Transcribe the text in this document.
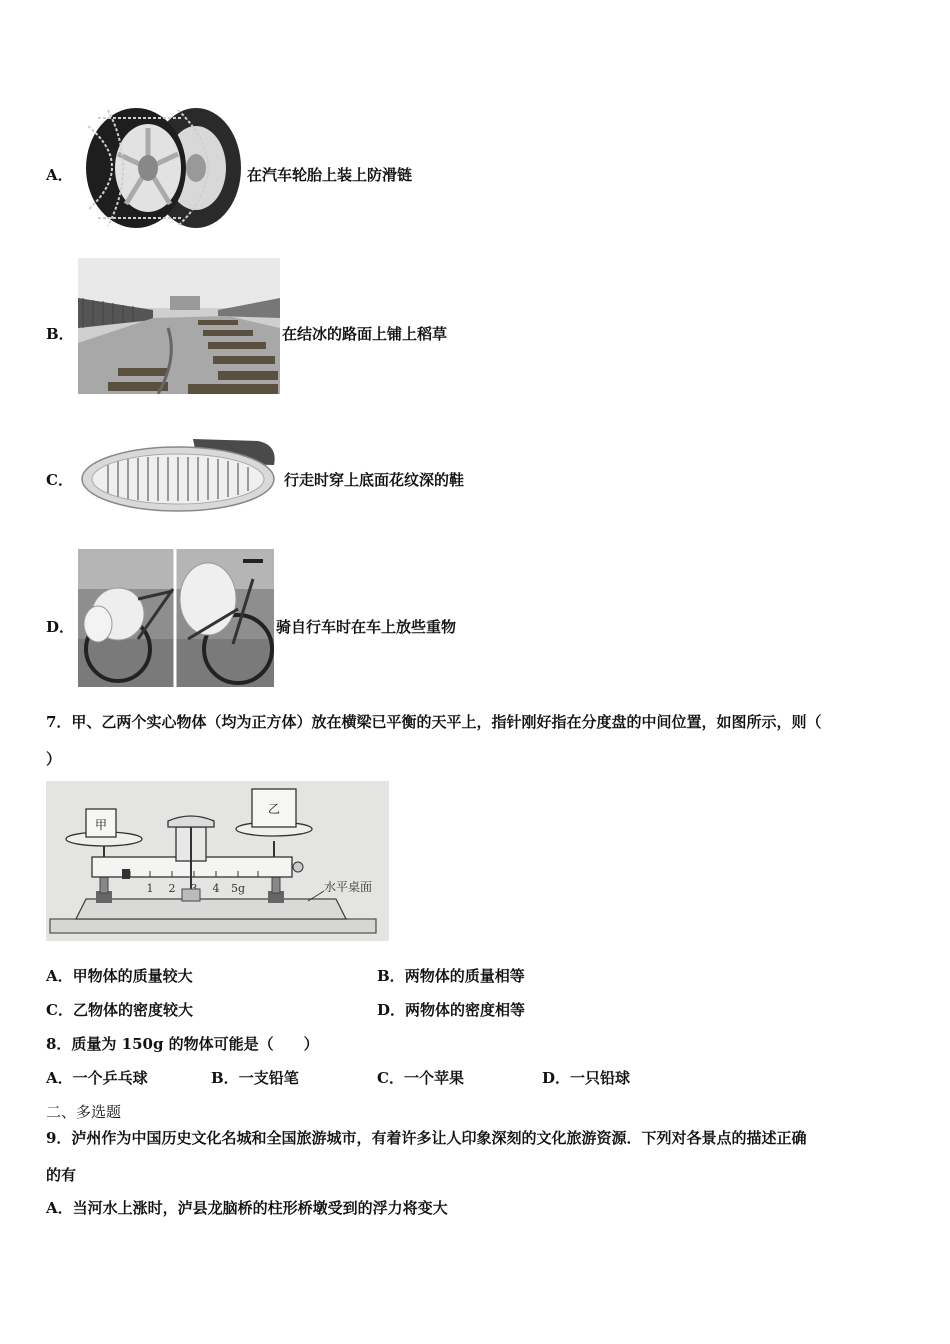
A．	在汽车轮胎上装上防滑链
B．	在结冰的路面上铺上稻草
C．	行走时穿上底面花纹深的鞋
D．	骑自行车时在车上放些重物
7．甲、乙两个实心物体（均为正方体）放在横梁已平衡的天平上，指针刚好指在分度盘的中间位置，如图所示，则（
）
1 2	4 5g
甲
乙
水平桌面
A．甲物体的质量较大	B．两物体的质量相等
C．乙物体的密度较大	D．两物体的密度相等
8．质量为 150g 的物体可能是（　　）
A．一个乒乓球	B．一支铅笔	C．一个苹果	D．一只铅球
二、多选题
9．泸州作为中国历史文化名城和全国旅游城市，有着许多让人印象深刻的文化旅游资源．下列对各景点的描述正确
的有
A．当河水上涨时，泸县龙脑桥的柱形桥墩受到的浮力将变大
